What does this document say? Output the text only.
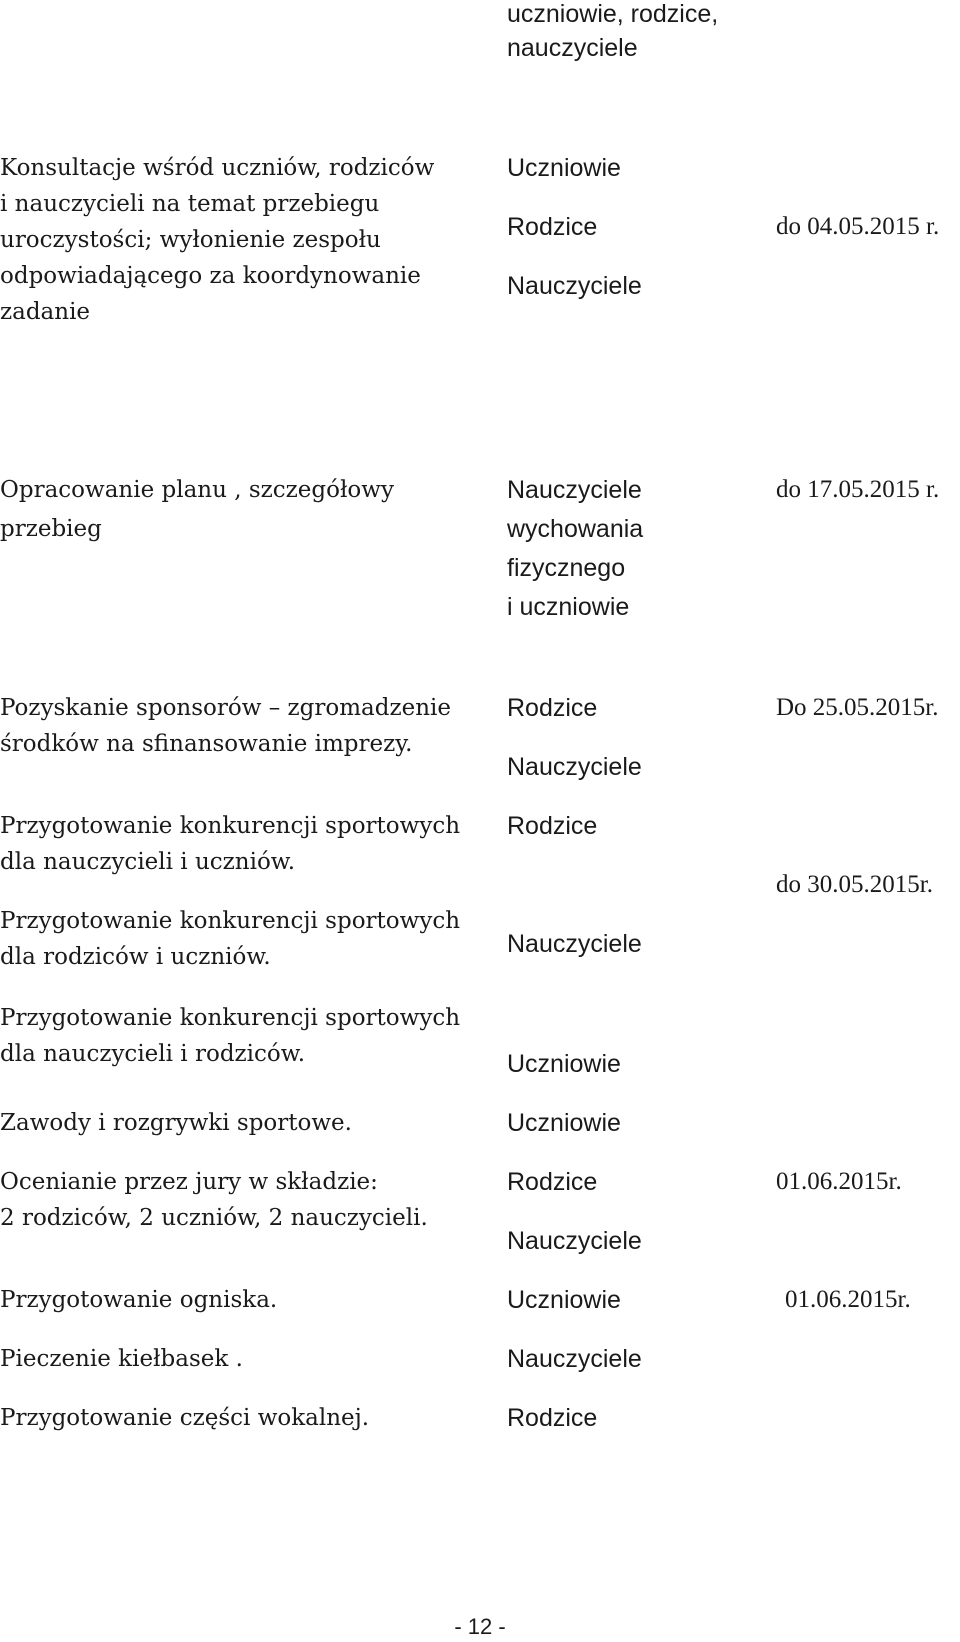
uczniowie, rodzice,

nauczyciele

Konsultacje wśród uczniów, rodziców

i nauczycieli na temat przebiegu

uroczystości; wyłonienie zespołu

odpowiadającego za koordynowanie

zadanie

Uczniowie

Rodzice

Nauczyciele

do 04.05.2015 r.

Opracowanie planu , szczegółowy

przebieg

Nauczyciele

wychowania

fizycznego

i uczniowie

do 17.05.2015 r.

Pozyskanie sponsorów – zgromadzenie

środków na sfinansowanie imprezy.

Rodzice

Nauczyciele

Do 25.05.2015r.

Przygotowanie konkurencji sportowych

dla nauczycieli i uczniów.

Przygotowanie konkurencji sportowych

dla rodziców i uczniów.

Przygotowanie konkurencji sportowych

dla nauczycieli i rodziców.

Rodzice

Nauczyciele

Uczniowie

do 30.05.2015r.

Zawody i rozgrywki sportowe.	Uczniowie

Ocenianie przez jury w składzie:

2 rodziców, 2 uczniów, 2 nauczycieli.

Rodzice

Nauczyciele

01.06.2015r.

Przygotowanie ogniska.

Pieczenie kiełbasek .

Przygotowanie części wokalnej.

Uczniowie

Nauczyciele

Rodzice

01.06.2015r.

- 12 -
